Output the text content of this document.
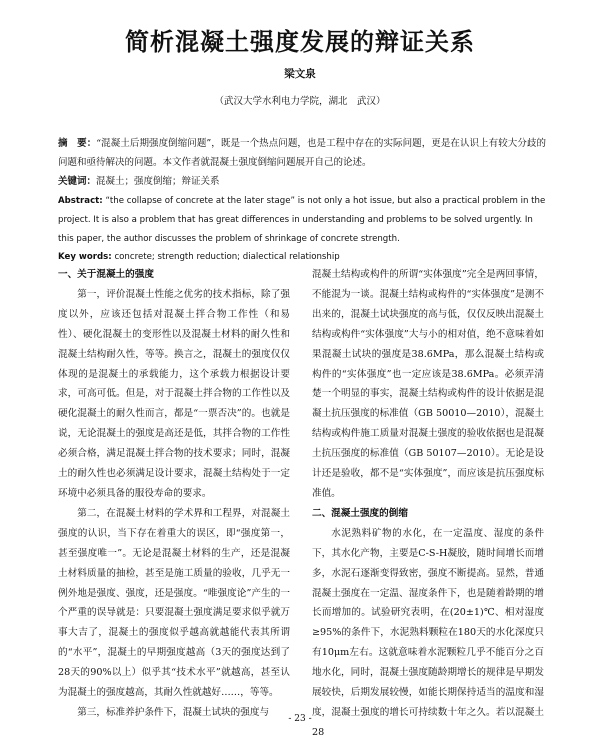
简析混凝土强度发展的辩证关系
梁文泉
（武汉大学水利电力学院，湖北　武汉）
摘　要：“混凝土后期强度倒缩问题”，既是一个热点问题，也是工程中存在的实际问题，更是在认识上有较大分歧的问题和亟待解决的问题。本文作者就混凝土强度倒缩问题展开自己的论述。
关键词：混凝土；强度倒缩；辩证关系
Abstract: “the collapse of concrete at the later stage” is not only a hot issue, but also a practical problem in the project. It is also a problem that has great differences in understanding and problems to be solved urgently. In this paper, the author discusses the problem of shrinkage of concrete strength.
Key words: concrete; strength reduction; dialectical relationship
一、关于混凝土的强度

第一，评价混凝土性能之优劣的技术指标，除了强度以外，应该还包括对混凝土拌合物工作性（和易性）、硬化混凝土的变形性以及混凝土材料的耐久性和混凝土结构耐久性，等等。换言之，混凝土的强度仅仅体现的是混凝土的承载能力，这个承载力根据设计要求，可高可低。但是，对于混凝土拌合物的工作性以及硬化混凝土的耐久性而言，都是“一票否决”的。也就是说，无论混凝土的强度是高还是低，其拌合物的工作性必须合格，满足混凝土拌合物的技术要求；同时，混凝土的耐久性也必须满足设计要求，混凝土结构处于一定环境中必须具备的服役寿命的要求。

第二，在混凝土材料的学术界和工程界，对混凝土强度的认识，当下存在着重大的误区，即“强度第一，甚至强度唯一”。无论是混凝土材料的生产，还是混凝土材料质量的抽检，甚至是施工质量的验收，几乎无一例外地是强度、强度，还是强度。“唯强度论”产生的一个严重的误导就是：只要混凝土强度满足要求似乎就万事大吉了，混凝土的强度似乎越高就越能代表其所谓的“水平”，混凝土的早期强度越高（3天的强度达到了28天的90%以上）似乎其“技术水平”就越高，甚至认为混凝土的强度越高，其耐久性就越好……，等等。

第三，标准养护条件下，混凝土试块的强度与

混凝土结构或构件的所谓“实体强度”完全是两回事情，不能混为一谈。混凝土结构或构件的“实体强度”是测不出来的，混凝土试块强度的高与低，仅仅反映出混凝土结构或构件“实体强度”大与小的相对值，绝不意味着如果混凝土试块的强度是38.6MPa，那么混凝土结构或构件的“实体强度”也一定应该是38.6MPa。必须弄清楚一个明显的事实，混凝土结构或构件的设计依据是混凝土抗压强度的标准值（GB 50010—2010），混凝土结构或构件施工质量对混凝土强度的验收依据也是混凝土抗压强度的标准值（GB 50107—2010）。无论是设计还是验收，都不是“实体强度”，而应该是抗压强度标准值。

二、混凝土强度的倒缩

水泥熟料矿物的水化，在一定温度、湿度的条件下，其水化产物，主要是C-S-H凝胶，随时间增长而增多，水泥石逐渐变得致密，强度不断提高。显然，普通混凝土强度在一定温、湿度条件下，也是随着龄期的增长而增加的。试验研究表明，在(20±1)℃、相对湿度≥95%的条件下，水泥熟料颗粒在180天的水化深度只有10μm左右。这就意味着水泥颗粒几乎不能百分之百地水化，同时，混凝土强度随龄期增长的规律是早期发展较快，后期发展较慢，如能长期保持适当的温度和湿度，混凝土强度的增长可持续数十年之久。若以混凝土28

- 23 -
